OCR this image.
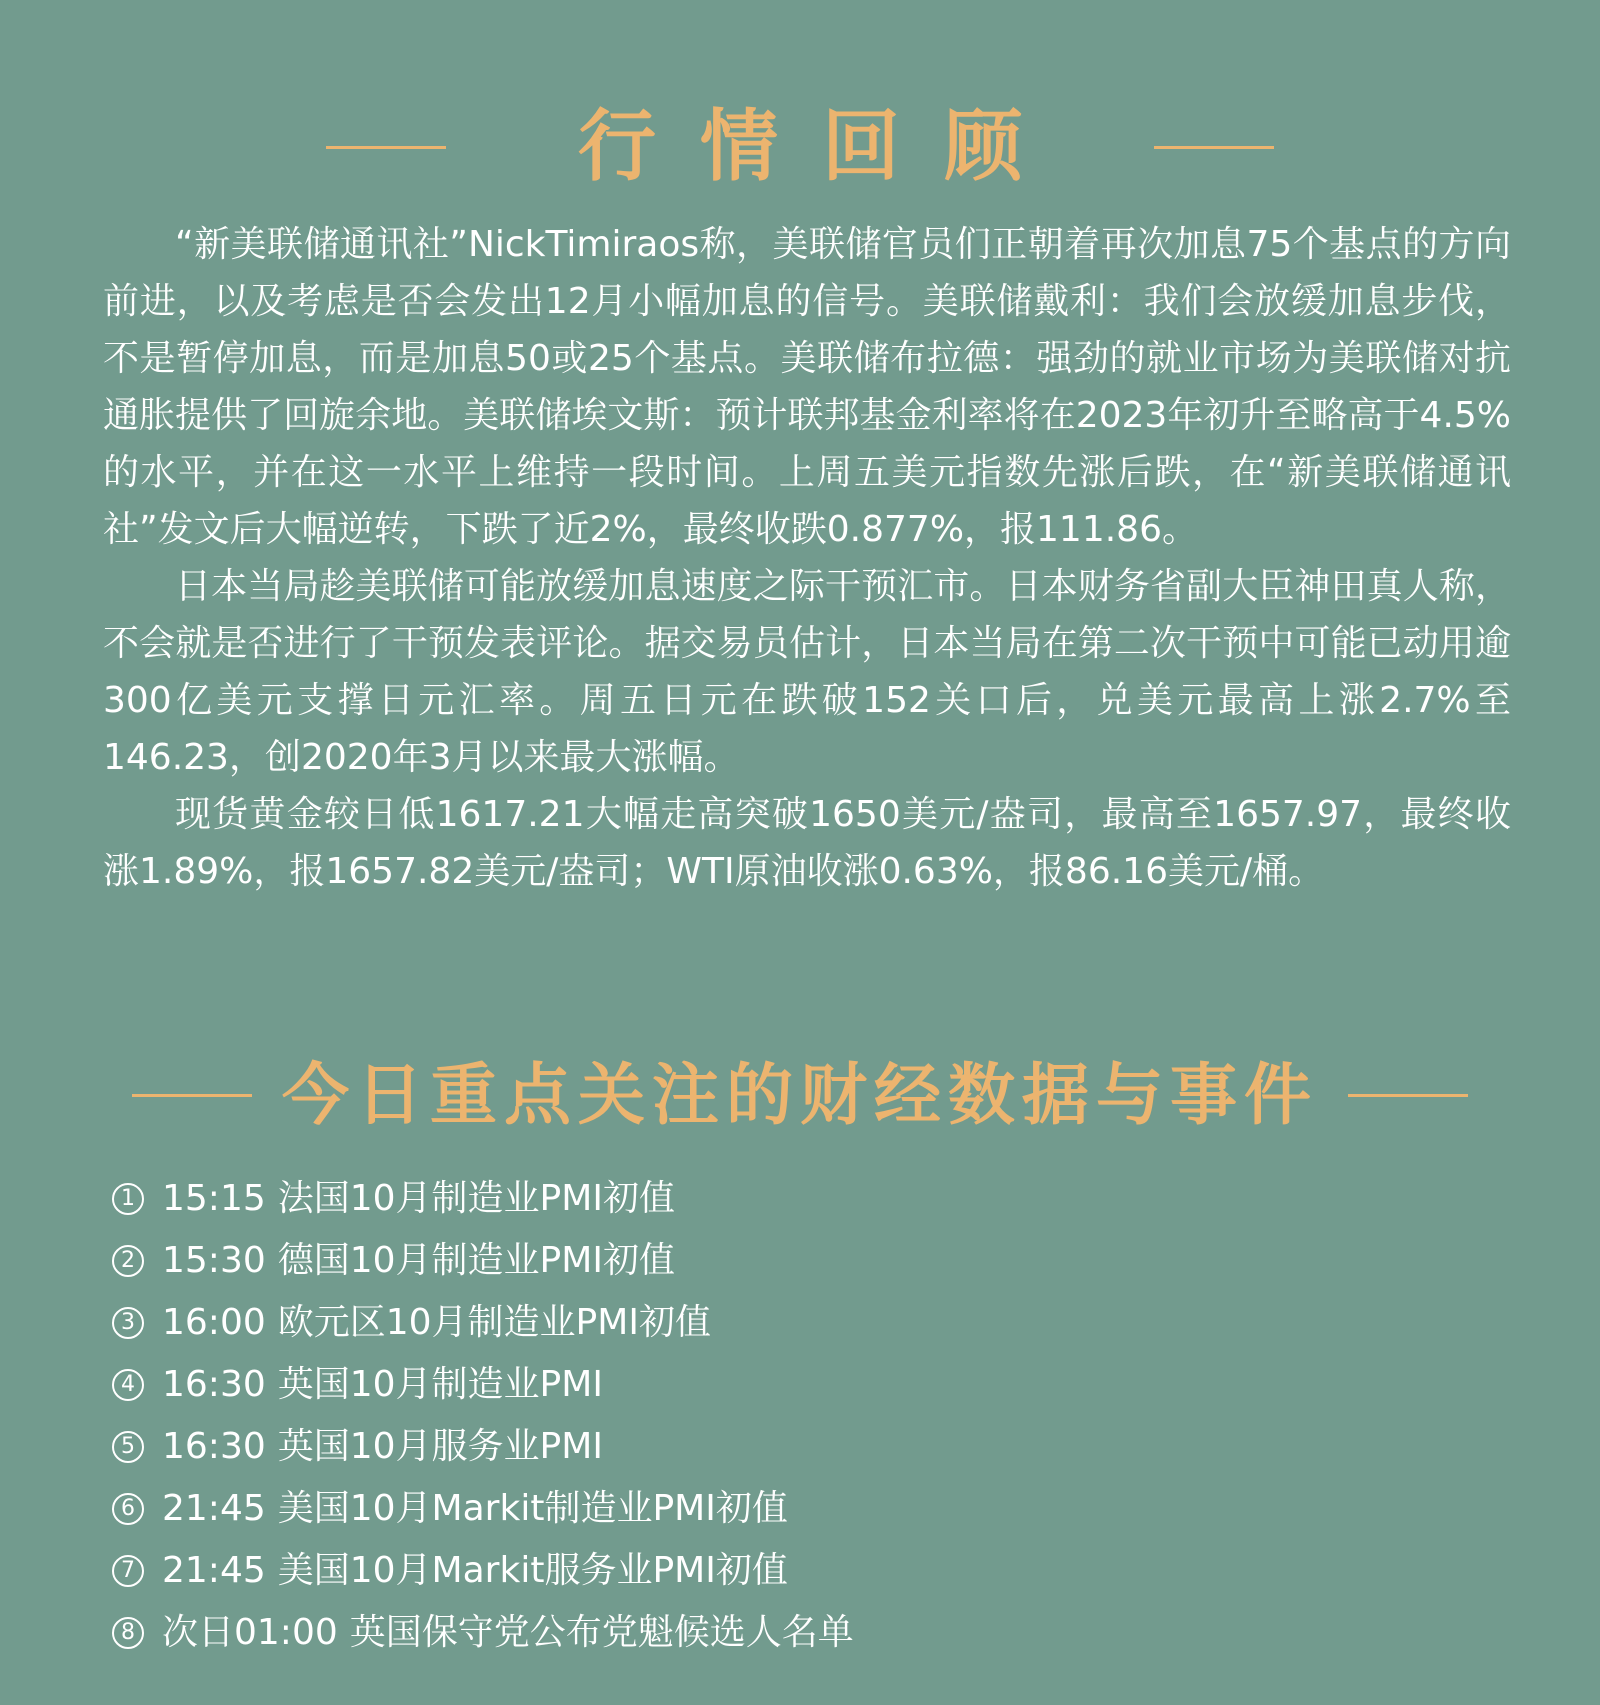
行情回顾

“新美联储通讯社”NickTimiraos称，美联储官员们正朝着再次加息75个基点的方向前进，以及考虑是否会发出12月小幅加息的信号。美联储戴利：我们会放缓加息步伐，不是暂停加息，而是加息50或25个基点。美联储布拉德：强劲的就业市场为美联储对抗通胀提供了回旋余地。美联储埃文斯：预计联邦基金利率将在2023年初升至略高于4.5%的水平，并在这一水平上维持一段时间。上周五美元指数先涨后跌，在“新美联储通讯社”发文后大幅逆转，下跌了近2%，最终收跌0.877%，报111.86。

日本当局趁美联储可能放缓加息速度之际干预汇市。日本财务省副大臣神田真人称，不会就是否进行了干预发表评论。据交易员估计，日本当局在第二次干预中可能已动用逾300亿美元支撑日元汇率。周五日元在跌破152关口后，兑美元最高上涨2.7%至146.23，创2020年3月以来最大涨幅。

现货黄金较日低1617.21大幅走高突破1650美元/盎司，最高至1657.97，最终收涨1.89%，报1657.82美元/盎司；WTI原油收涨0.63%，报86.16美元/桶。

今日重点关注的财经数据与事件
1 15:15 法国10月制造业PMI初值
2 15:30 德国10月制造业PMI初值
3 16:00 欧元区10月制造业PMI初值
4 16:30 英国10月制造业PMI
5 16:30 英国10月服务业PMI
6 21:45 美国10月Markit制造业PMI初值
7 21:45 美国10月Markit服务业PMI初值
8 次日01:00 英国保守党公布党魁候选人名单
